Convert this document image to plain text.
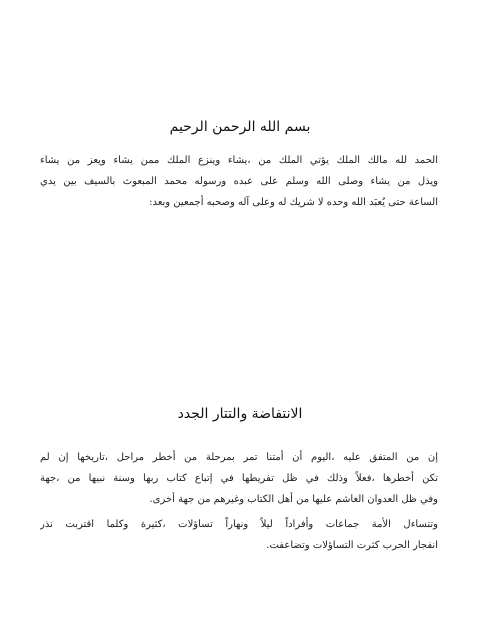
بسم الله الرحمن الرحيم
الحمد لله مالك الملك يؤتي الملك من ،يشاء وينزع الملك ممن يشاء ويعز من يشاء
ويذل من يشاء وصلى الله وسلم على عبده ورسوله محمد المبعوث بالسيف بين يدي
الساعة حتى يُعبَد الله وحده لا شريك له وعلى آله وصحبه أجمعين وبعد:
الانتفاضة والتتار الجدد
إن من المتفق عليه ،اليوم أن أمتنا تمر بمرحلة من أخطر مراحل ،تاريخها إن لم
تكن أخطرها ،فعلاً وذلك في ظل تفريطها في إتباع كتاب ربها وسنة نبيها من ،جهة
وفي ظل العدوان الغاشم عليها من أهل الكتاب وغيرهم من جهة أخرى.
وتتساءل الأمة جماعات وأفراداً ليلاً ونهاراً تساؤلات ،كثيرة وكلما اقتربت نذر
انفجار الحرب كثرت التساؤلات وتضاعفت.
